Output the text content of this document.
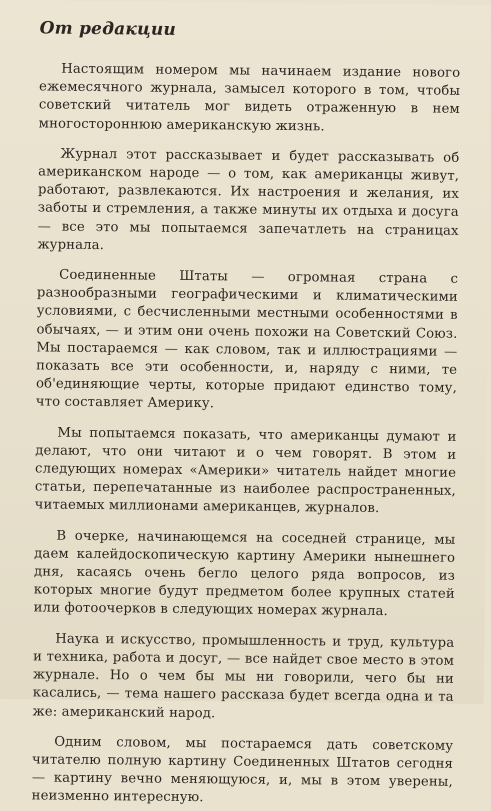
От редакции

Настоящим номером мы начинаем издание нового ежемесячного журнала, замысел которого в том, чтобы советский читатель мог видеть отраженную в нем многостороннюю американскую жизнь.

Журнал этот рассказывает и будет рассказывать об американском народе — о том, как американцы живут, работают, развлекаются. Их настроения и желания, их заботы и стремления, а также минуты их отдыха и досуга — все это мы попытаемся запечатлеть на страницах журнала.

Соединенные Штаты — огромная страна с разнообразными географическими и климатическими условиями, с бесчисленными местными особенностями в обычаях, — и этим они очень похожи на Советский Союз. Мы постараемся — как словом, так и иллюстрациями — показать все эти особенности, и, наряду с ними, те об'единяющие черты, которые придают единство тому, что составляет Америку.

Мы попытаемся показать, что американцы думают и делают, что они читают и о чем говорят. В этом и следующих номерах «Америки» читатель найдет многие статьи, перепечатанные из наиболее распространенных, читаемых миллионами американцев, журналов.

В очерке, начинающемся на соседней странице, мы даем калейдоскопическую картину Америки нынешнего дня, касаясь очень бегло целого ряда вопросов, из которых многие будут предметом более крупных статей или фотоочерков в следующих номерах журнала.

Наука и искусство, промышленность и труд, культура и техника, работа и досуг, — все найдет свое место в этом журнале. Но о чем бы мы ни говорили, чего бы ни касались, — тема нашего рассказа будет всегда одна и та же: американский народ.

Одним словом, мы постараемся дать советскому читателю полную картину Соединенных Штатов сегодня — картину вечно меняющуюся, и, мы в этом уверены, неизменно интересную.
